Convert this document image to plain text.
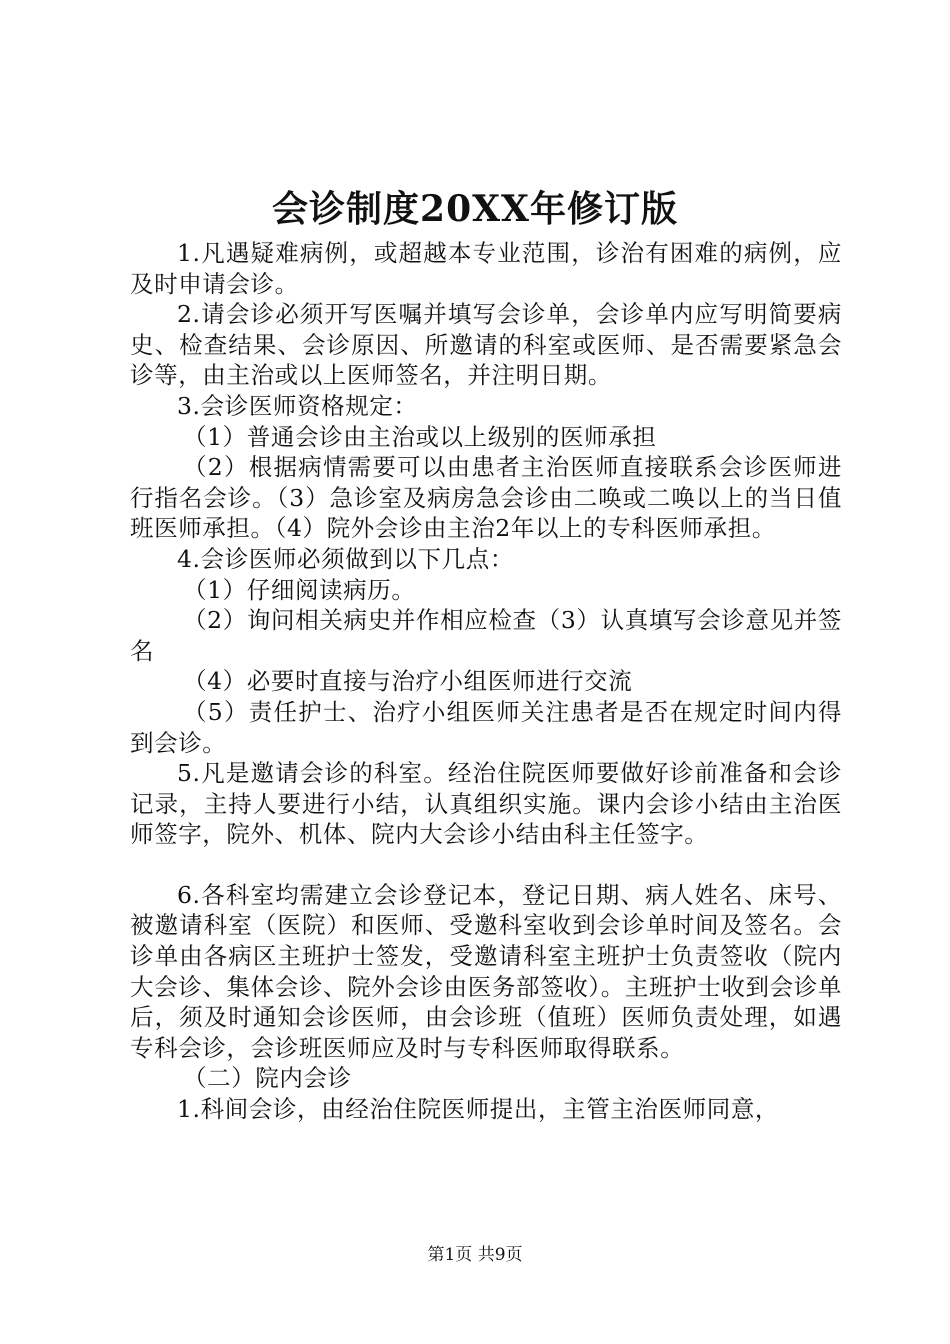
会诊制度20XX年修订版

1.凡遇疑难病例，或超越本专业范围，诊治有困难的病例，应及时申请会诊。

2.请会诊必须开写医嘱并填写会诊单，会诊单内应写明简要病史、检查结果、会诊原因、所邀请的科室或医师、是否需要紧急会诊等，由主治或以上医师签名，并注明日期。

3.会诊医师资格规定：

（1）普通会诊由主治或以上级别的医师承担

（2）根据病情需要可以由患者主治医师直接联系会诊医师进行指名会诊。（3）急诊室及病房急会诊由二唤或二唤以上的当日值班医师承担。（4）院外会诊由主治2年以上的专科医师承担。

4.会诊医师必须做到以下几点：

（1）仔细阅读病历。

（2）询问相关病史并作相应检查（3）认真填写会诊意见并签名

（4）必要时直接与治疗小组医师进行交流

（5）责任护士、治疗小组医师关注患者是否在规定时间内得到会诊。

5.凡是邀请会诊的科室。经治住院医师要做好诊前准备和会诊记录，主持人要进行小结，认真组织实施。课内会诊小结由主治医师签字，院外、机体、院内大会诊小结由科主任签字。

6.各科室均需建立会诊登记本，登记日期、病人姓名、床号、被邀请科室（医院）和医师、受邀科室收到会诊单时间及签名。会诊单由各病区主班护士签发，受邀请科室主班护士负责签收（院内大会诊、集体会诊、院外会诊由医务部签收）。主班护士收到会诊单后，须及时通知会诊医师，由会诊班（值班）医师负责处理，如遇专科会诊，会诊班医师应及时与专科医师取得联系。

（二）院内会诊

1.科间会诊，由经治住院医师提出，主管主治医师同意，

第1页 共9页
